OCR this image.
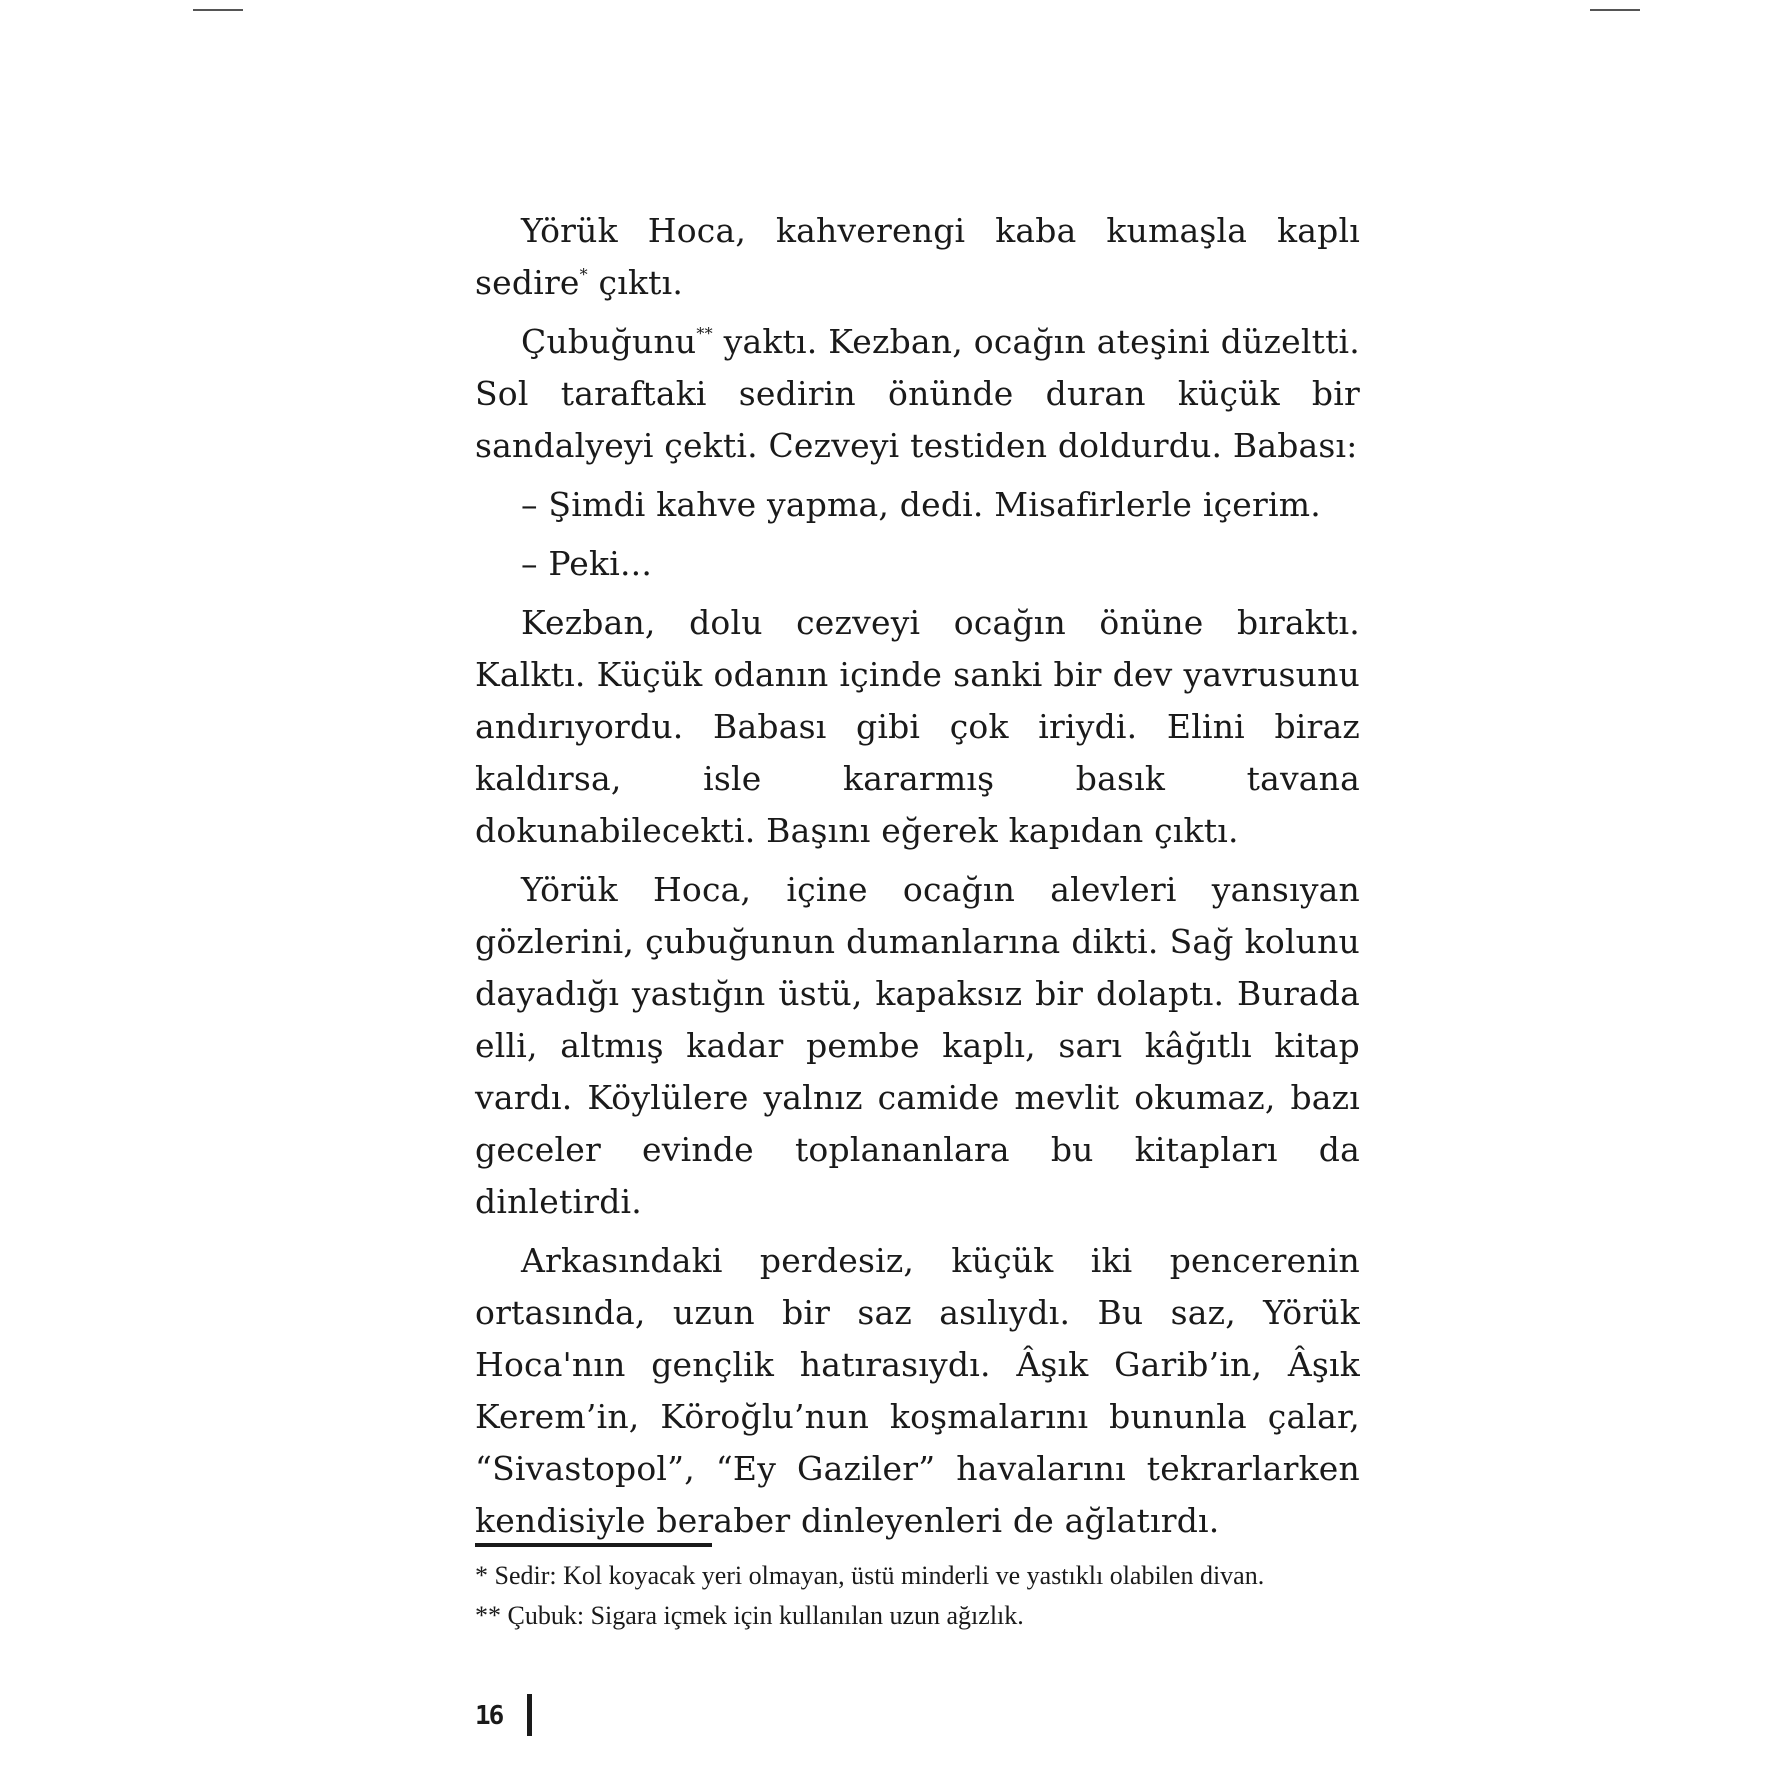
Yörük Hoca, kahverengi kaba kumaşla kaplı sedire* çıktı.

Çubuğunu** yaktı. Kezban, ocağın ateşini düzeltti. Sol taraftaki sedirin önünde duran küçük bir sandalyeyi çekti. Cezveyi testiden doldurdu. Babası:

– Şimdi kahve yapma, dedi. Misafirlerle içerim.

– Peki...

Kezban, dolu cezveyi ocağın önüne bıraktı. Kalktı. Küçük odanın içinde sanki bir dev yavrusunu andırıyordu. Babası gibi çok iriydi. Elini biraz kaldırsa, isle kararmış basık tavana dokunabilecekti. Başını eğerek kapıdan çıktı.

Yörük Hoca, içine ocağın alevleri yansıyan gözlerini, çubuğunun dumanlarına dikti. Sağ kolunu dayadığı yastığın üstü, kapaksız bir dolaptı. Burada elli, altmış kadar pembe kaplı, sarı kâğıtlı kitap vardı. Köylülere yalnız camide mevlit okumaz, bazı geceler evinde toplananlara bu kitapları da dinletirdi.

Arkasındaki perdesiz, küçük iki pencerenin ortasında, uzun bir saz asılıydı. Bu saz, Yörük Hoca'nın gençlik hatırasıydı. Âşık Garib’in, Âşık Kerem’in, Köroğlu’nun koşmalarını bununla çalar, “Sivastopol”, “Ey Gaziler” havalarını tekrarlarken kendisiyle beraber dinleyenleri de ağlatırdı.

* Sedir: Kol koyacak yeri olmayan, üstü minderli ve yastıklı olabilen divan.

** Çubuk: Sigara içmek için kullanılan uzun ağızlık.

16
